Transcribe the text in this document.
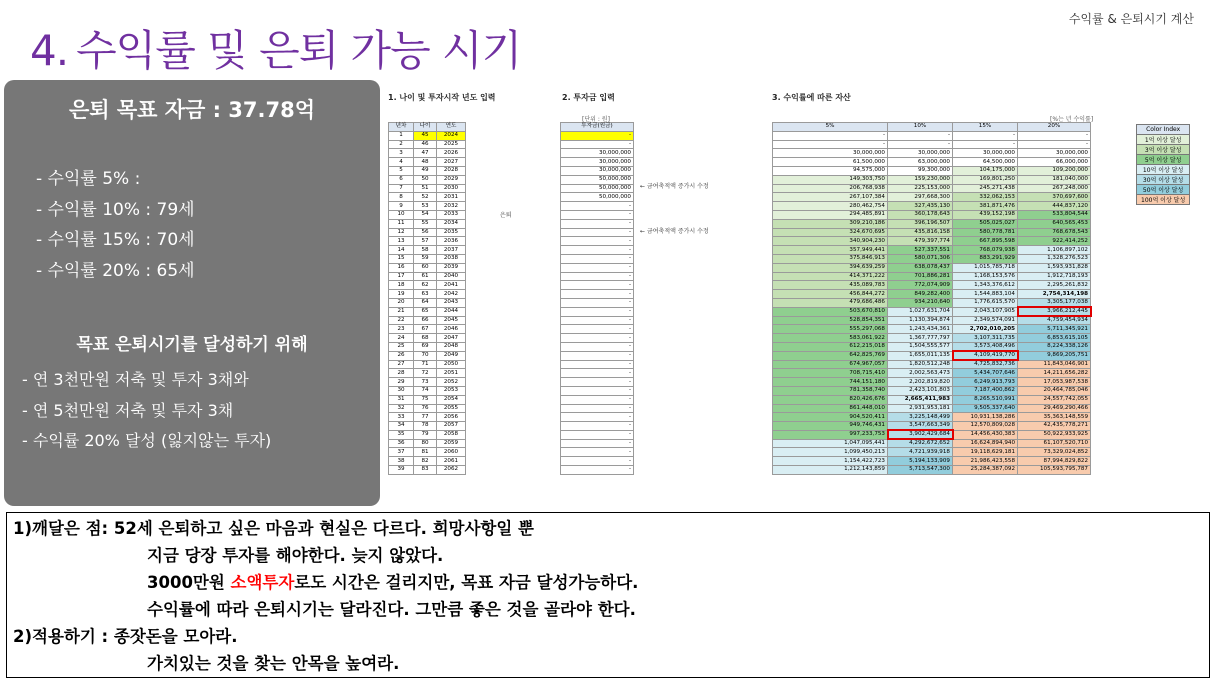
수익률 & 은퇴시기 계산
4. 수익률 및 은퇴 가능 시기
은퇴 목표 자금 : 37.78억
- 수익률 5% :
- 수익률 10% : 79세
- 수익률 15% : 70세
- 수익률 20% : 65세
목표 은퇴시기를 달성하기 위해
- 연 3천만원 저축 및 투자 3채와
- 연 5천만원 저축 및 투자 3채
- 수익률 20% 달성 (잃지않는 투자)
1. 나이 및 투자시작 년도 입력	2. 투자금 입력	3. 수익률에 따른 자산
[단위 : 원]	[%는 년 수익률]
년차	나이	연도
1	45	2024
2	46	2025
3	47	2026
4	48	2027
5	49	2028
6	50	2029
7	51	2030
8	52	2031
9	53	2032
10	54	2033
11	55	2034
12	56	2035
13	57	2036
14	58	2037
15	59	2038
16	60	2039
17	61	2040
18	62	2041
19	63	2042
20	64	2043
21	65	2044
22	66	2045
23	67	2046
24	68	2047
25	69	2048
26	70	2049
27	71	2050
28	72	2051
29	73	2052
30	74	2053
31	75	2054
32	76	2055
33	77	2056
34	78	2057
35	79	2058
36	80	2059
37	81	2060
38	82	2061
39	83	2062
투자금(원금)
-
-
30,000,000
30,000,000
30,000,000
50,000,000
50,000,000
50,000,000
-
-
-
-
-
-
-
-
-
-
-
-
-
-
-
-
-
-
-
-
-
-
-
-
-
-
-
-
-
-
-
5%	10%	15%	20%
-	-	-	-
-	-	-	-
30,000,000	30,000,000	30,000,000	30,000,000
61,500,000	63,000,000	64,500,000	66,000,000
94,575,000	99,300,000	104,175,000	109,200,000
149,303,750	159,230,000	169,801,250	181,040,000
206,768,938	225,153,000	245,271,438	267,248,000
267,107,384	297,668,300	332,062,153	370,697,600
280,462,754	327,435,130	381,871,476	444,837,120
294,485,891	360,178,643	439,152,198	533,804,544
309,210,186	396,196,507	505,025,027	640,565,453
324,670,695	435,816,158	580,778,781	768,678,543
340,904,230	479,397,774	667,895,598	922,414,252
357,949,441	527,337,551	768,079,938	1,106,897,102
375,846,913	580,071,306	883,291,929	1,328,276,523
394,639,259	638,078,437	1,015,785,718	1,593,931,828
414,371,222	701,886,281	1,168,153,576	1,912,718,193
435,089,783	772,074,909	1,343,376,612	2,295,261,832
456,844,272	849,282,400	1,544,883,104	2,754,314,198
479,686,486	934,210,640	1,776,615,570	3,305,177,038
503,670,810	1,027,631,704	2,043,107,905	3,966,212,445
528,854,351	1,130,394,874	2,349,574,091	4,759,454,934
555,297,068	1,243,434,361	2,702,010,205	5,711,345,921
583,061,922	1,367,777,797	3,107,311,735	6,853,615,105
612,215,018	1,504,555,577	3,573,408,496	8,224,338,126
642,825,769	1,655,011,135	4,109,419,770	9,869,205,751
674,967,057	1,820,512,248	4,725,832,736	11,843,046,901
708,715,410	2,002,563,473	5,434,707,646	14,211,656,282
744,151,180	2,202,819,820	6,249,913,793	17,053,987,538
781,358,740	2,423,101,803	7,187,400,862	20,464,785,046
820,426,676	2,665,411,983	8,265,510,991	24,557,742,055
861,448,010	2,931,953,181	9,505,337,640	29,469,290,466
904,520,411	3,225,148,499	10,931,138,286	35,363,148,559
949,746,431	3,547,663,349	12,570,809,028	42,435,778,271
997,233,753	3,902,429,684	14,456,430,383	50,922,933,925
1,047,095,441	4,292,672,652	16,624,894,940	61,107,520,710
1,099,450,213	4,721,939,918	19,118,629,181	73,329,024,852
1,154,422,723	5,194,133,909	21,986,423,558	87,994,829,822
1,212,143,859	5,713,547,300	25,284,387,092	105,593,795,787
← 금여축적액 증가시 수정
← 금여축적액 증가시 수정
은퇴
Color Index
1억 이상 달성
3억 이상 달성
5억 이상 달성
10억 이상 달성
30억 이상 달성
50억 이상 달성
100억 이상 달성
1)깨달은 점: 52세 은퇴하고 싶은 마음과 현실은 다르다. 희망사항일 뿐
지금 당장 투자를 해야한다. 늦지 않았다.
3000만원 소액투자로도 시간은 걸리지만, 목표 자금 달성가능하다.
수익률에 따라 은퇴시기는 달라진다. 그만큼 좋은 것을 골라야 한다.
2)적용하기 : 종잣돈을 모아라.
가치있는 것을 찾는 안목을 높여라.
